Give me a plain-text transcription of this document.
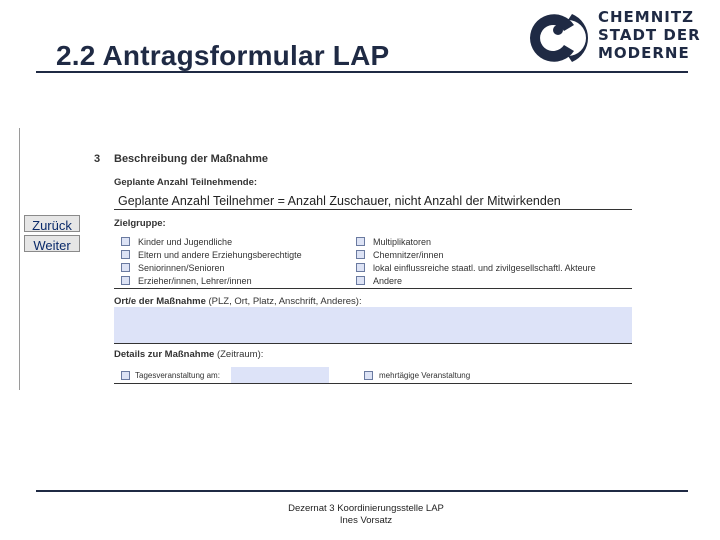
2.2 Antragsformular LAP
CHEMNITZ
STADT DER
MODERNE
Zurück
Weiter
3 Beschreibung der Maßnahme
Geplante Anzahl Teilnehmende:
Geplante Anzahl Teilnehmer = Anzahl Zuschauer, nicht Anzahl der Mitwirkenden
Zielgruppe:
Kinder und Jugendliche
Eltern und andere Erziehungsberechtigte
Seniorinnen/Senioren
Erzieher/innen, Lehrer/innen
Multiplikatoren
Chemnitzer/innen
lokal einflussreiche staatl. und zivilgesellschaftl. Akteure
Andere
Ort/e der Maßnahme (PLZ, Ort, Platz, Anschrift, Anderes):
Details zur Maßnahme (Zeitraum):
Tagesveranstaltung am:	mehrtägige Veranstaltung
Dezernat 3 Koordinierungsstelle LAP
Ines Vorsatz
